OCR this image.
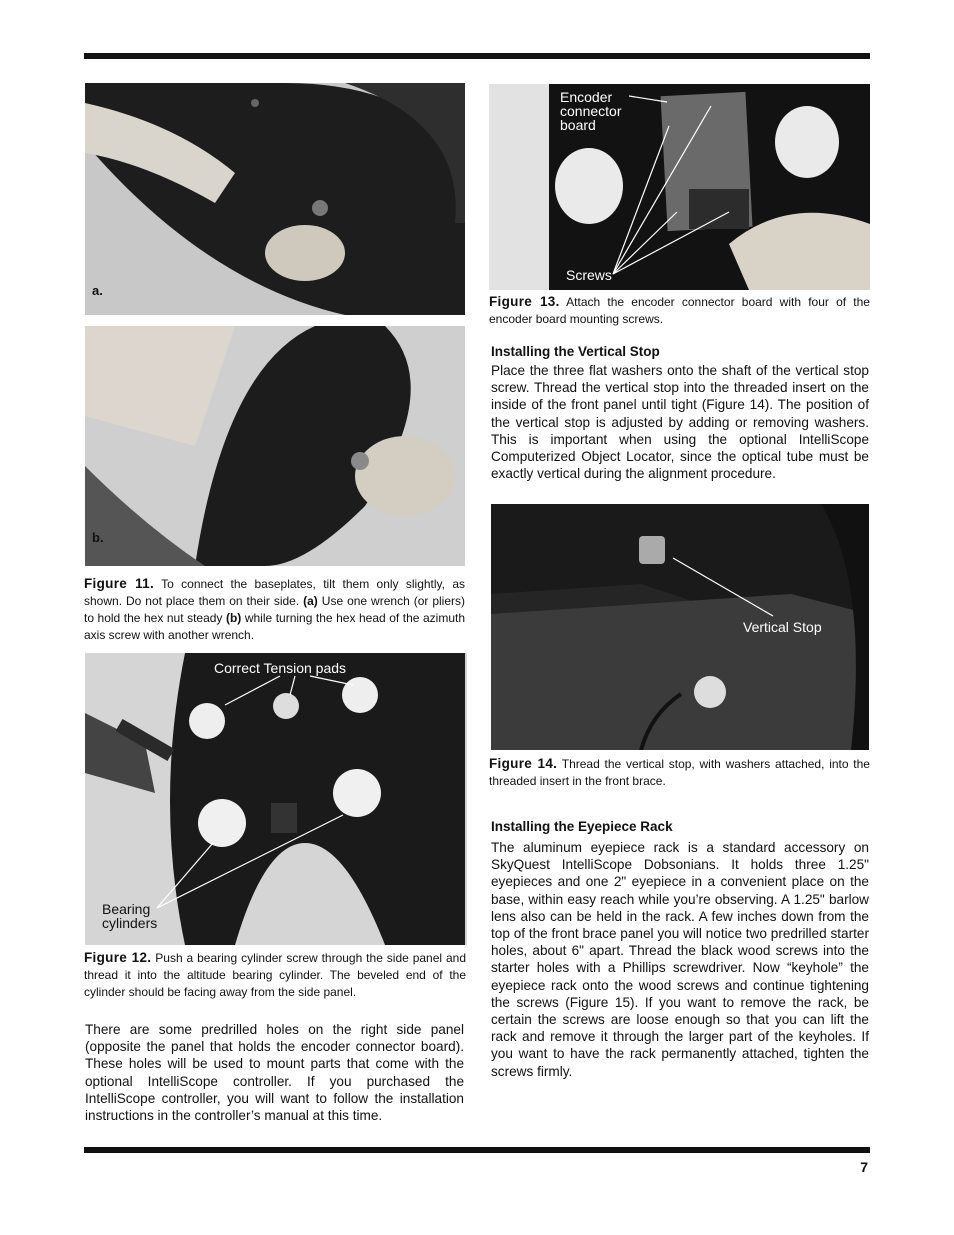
a.
b.
Figure 11. To connect the baseplates, tilt them only slightly, as shown. Do not place them on their side. (a) Use one wrench (or pliers) to hold the hex nut steady (b) while turning the hex head of the azimuth axis screw with another wrench.
Correct Tension pads
Bearing
cylinders
Figure 12. Push a bearing cylinder screw through the side panel and thread it into the altitude bearing cylinder. The beveled end of the cylinder should be facing away from the side panel.
There are some predrilled holes on the right side panel (opposite the panel that holds the encoder connector board). These holes will be used to mount parts that come with the optional IntelliScope controller. If you purchased the IntelliScope controller, you will want to follow the installation instructions in the controller’s manual at this time.
Encoder
connector
board
Screws
Figure 13. Attach the encoder connector board with four of the encoder board mounting screws.
Installing the Vertical Stop
Place the three flat washers onto the shaft of the vertical stop screw. Thread the vertical stop into the threaded insert on the inside of the front panel until tight (Figure 14). The position of the vertical stop is adjusted by adding or removing washers. This is important when using the optional IntelliScope Computerized Object Locator, since the optical tube must be exactly vertical during the alignment procedure.
Vertical Stop
Figure 14. Thread the vertical stop, with washers attached, into the threaded insert in the front brace.
Installing the Eyepiece Rack
The aluminum eyepiece rack is a standard accessory on SkyQuest IntelliScope Dobsonians. It holds three 1.25" eyepieces and one 2" eyepiece in a convenient place on the base, within easy reach while you’re observing. A 1.25" barlow lens also can be held in the rack. A few inches down from the top of the front brace panel you will notice two predrilled starter holes, about 6" apart. Thread the black wood screws into the starter holes with a Phillips screwdriver. Now “keyhole” the eyepiece rack onto the wood screws and continue tightening the screws (Figure 15). If you want to remove the rack, be certain the screws are loose enough so that you can lift the rack and remove it through the larger part of the keyholes. If you want to have the rack permanently attached, tighten the screws firmly.
7
